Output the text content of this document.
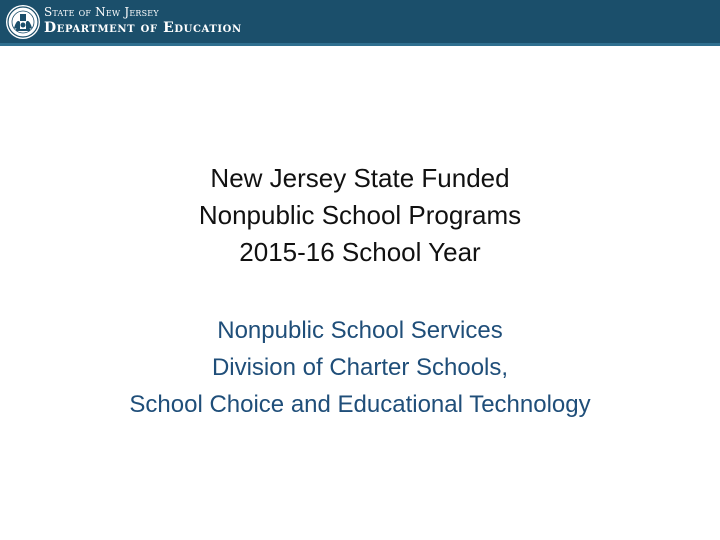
State of New Jersey
Department of Education
New Jersey State Funded
Nonpublic School Programs
2015-16 School Year
Nonpublic School Services
Division of Charter Schools,
School Choice and Educational Technology
